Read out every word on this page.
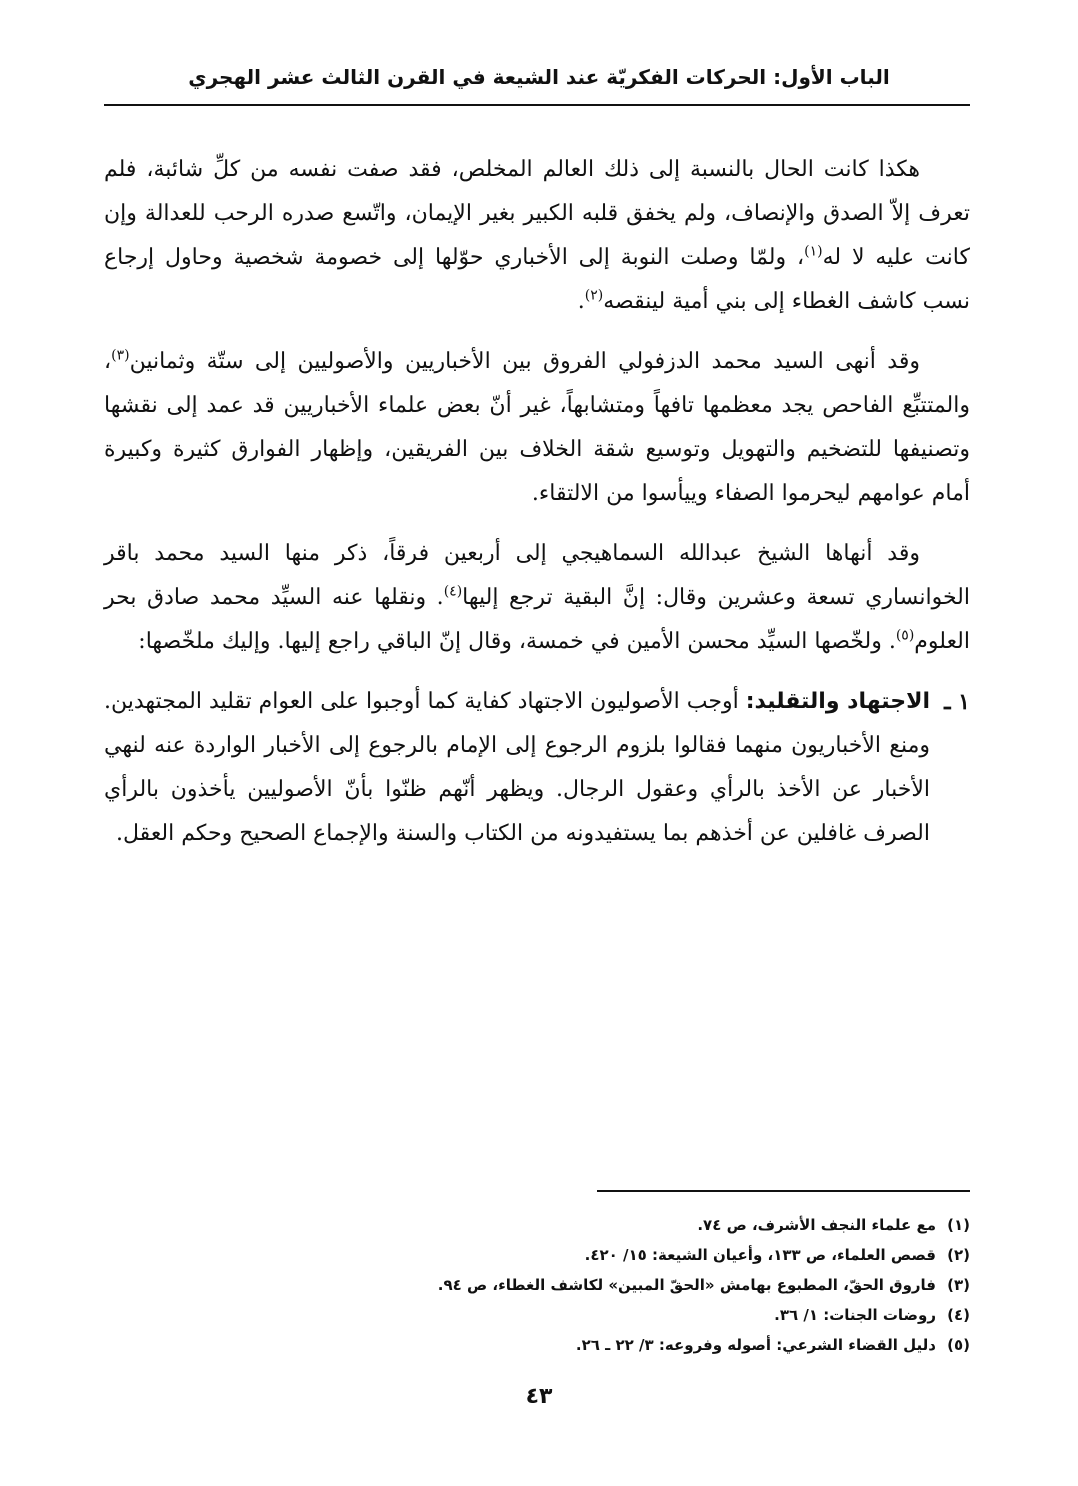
الباب الأول: الحركات الفكريّة عند الشيعة في القرن الثالث عشر الهجري

هكذا كانت الحال بالنسبة إلى ذلك العالم المخلص، فقد صفت نفسه من كلِّ شائبة، فلم تعرف إلاّ الصدق والإنصاف، ولم يخفق قلبه الكبير بغير الإيمان، واتّسع صدره الرحب للعدالة وإن كانت عليه لا له$^{(١)}$، ولمّا وصلت النوبة إلى الأخباري حوّلها إلى خصومة شخصية وحاول إرجاع نسب كاشف الغطاء إلى بني أمية لينقصه$^{(٢)}$.

وقد أنهى السيد محمد الدزفولي الفروق بين الأخباريين والأصوليين إلى ستّة وثمانين$^{(٣)}$، والمتتبِّع الفاحص يجد معظمها تافهاً ومتشابهاً، غير أنّ بعض علماء الأخباريين قد عمد إلى نقشها وتصنيفها للتضخيم والتهويل وتوسيع شقة الخلاف بين الفريقين، وإظهار الفوارق كثيرة وكبيرة أمام عوامهم ليحرموا الصفاء وييأسوا من الالتقاء.

وقد أنهاها الشيخ عبدالله السماهيجي إلى أربعين فرقاً، ذكر منها السيد محمد باقر الخوانساري تسعة وعشرين وقال: إنَّ البقية ترجع إليها$^{(٤)}$. ونقلها عنه السيِّد محمد صادق بحر العلوم$^{(٥)}$. ولخّصها السيِّد محسن الأمين في خمسة، وقال إنّ الباقي راجع إليها. وإليك ملخّصها:

١ ـ
الاجتهاد والتقليد: أوجب الأصوليون الاجتهاد كفاية كما أوجبوا على العوام تقليد المجتهدين. ومنع الأخباريون منهما فقالوا بلزوم الرجوع إلى الإمام بالرجوع إلى الأخبار الواردة عنه لنهي الأخبار عن الأخذ بالرأي وعقول الرجال. ويظهر أنّهم ظنّوا بأنّ الأصوليين يأخذون بالرأي الصرف غافلين عن أخذهم بما يستفيدونه من الكتاب والسنة والإجماع الصحيح وحكم العقل.

(١)مع علماء النجف الأشرف، ص ٧٤.
(٢)قصص العلماء، ص ١٣٣، وأعيان الشيعة: ١٥/ ٤٢٠.
(٣)فاروق الحقّ، المطبوع بهامش «الحقّ المبين» لكاشف الغطاء، ص ٩٤.
(٤)روضات الجنات: ١/ ٣٦.
(٥)دليل القضاء الشرعي: أصوله وفروعه: ٣/ ٢٢ ـ ٢٦.
٤٣
